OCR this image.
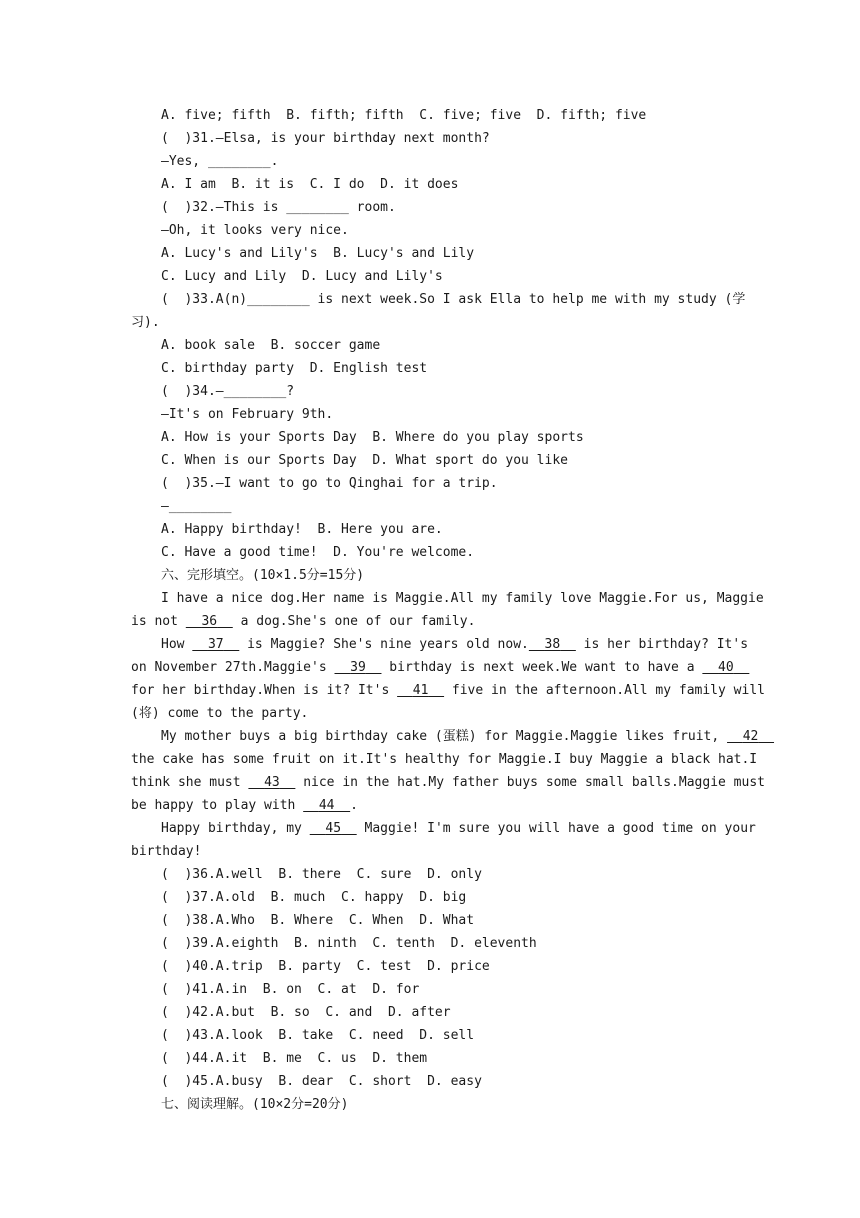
A. five; fifth  B. fifth; fifth  C. five; five  D. fifth; five
(  )31.—Elsa, is your birthday next month?
—Yes, ________.
A. I am  B. it is  C. I do  D. it does
(  )32.—This is ________ room.
—Oh, it looks very nice.
A. Lucy's and Lily's  B. Lucy's and Lily
C. Lucy and Lily  D. Lucy and Lily's
(  )33.A(n)________ is next week.So I ask Ella to help me with my study (学
习).
A. book sale  B. soccer game
C. birthday party  D. English test
(  )34.—________?
—It's on February 9th.
A. How is your Sports Day  B. Where do you play sports
C. When is our Sports Day  D. What sport do you like
(  )35.—I want to go to Qinghai for a trip.
—________
A. Happy birthday!  B. Here you are.
C. Have a good time!  D. You're welcome.
六、完形填空。(10×1.5分=15分)
I have a nice dog.Her name is Maggie.All my family love Maggie.For us, Maggie
is not 36 a dog.She's one of our family.
How 37 is Maggie? She's nine years old now. 38 is her birthday? It's
on November 27th.Maggie's 39 birthday is next week.We want to have a 40
for her birthday.When is it? It's 41 five in the afternoon.All my family will
(将) come to the party.
My mother buys a big birthday cake (蛋糕) for Maggie.Maggie likes fruit, 42
the cake has some fruit on it.It's healthy for Maggie.I buy Maggie a black hat.I
think she must 43 nice in the hat.My father buys some small balls.Maggie must
be happy to play with 44 .
Happy birthday, my 45 Maggie! I'm sure you will have a good time on your
birthday!
(  )36.A.well  B. there  C. sure  D. only
(  )37.A.old  B. much  C. happy  D. big
(  )38.A.Who  B. Where  C. When  D. What
(  )39.A.eighth  B. ninth  C. tenth  D. eleventh
(  )40.A.trip  B. party  C. test  D. price
(  )41.A.in  B. on  C. at  D. for
(  )42.A.but  B. so  C. and  D. after
(  )43.A.look  B. take  C. need  D. sell
(  )44.A.it  B. me  C. us  D. them
(  )45.A.busy  B. dear  C. short  D. easy
七、阅读理解。(10×2分=20分)
